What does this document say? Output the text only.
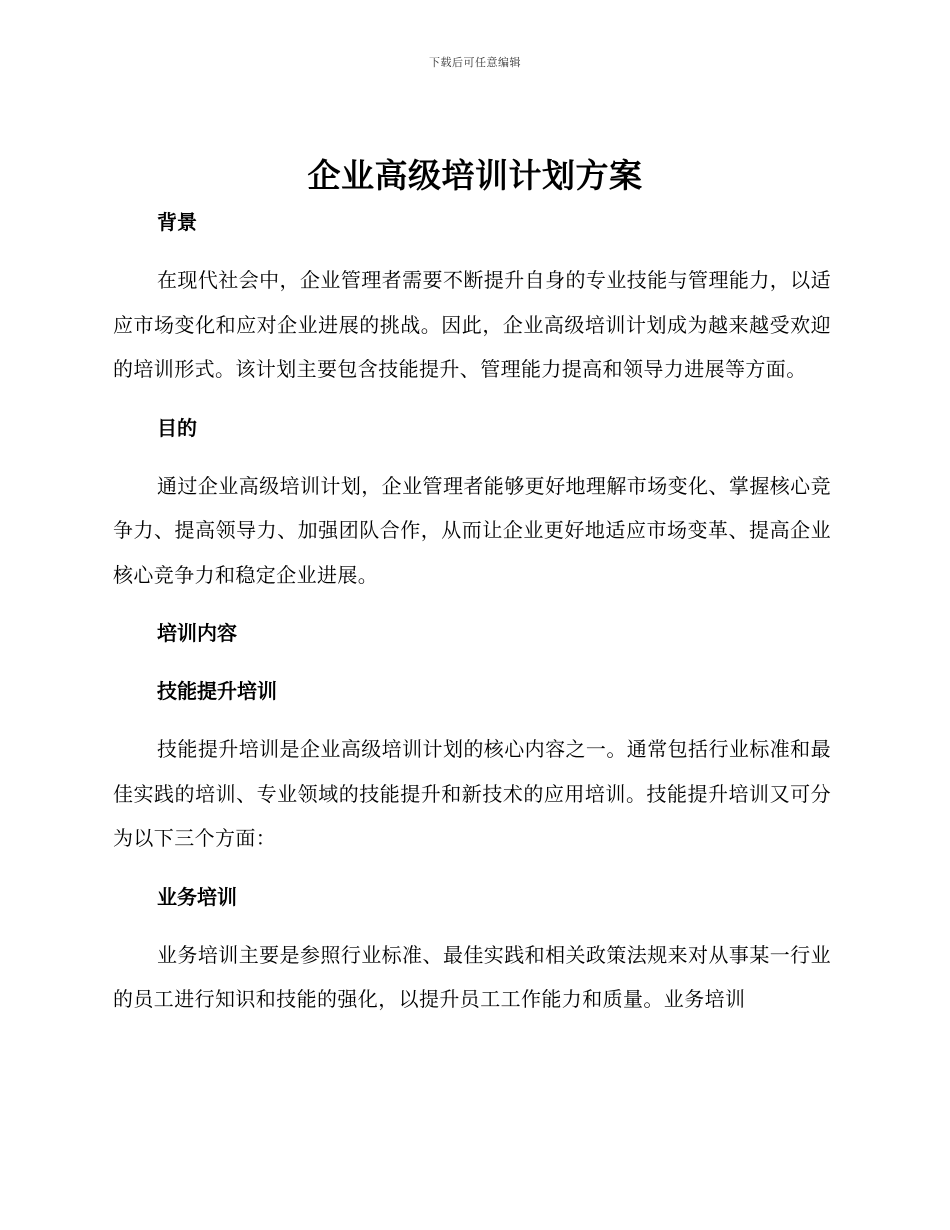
下载后可任意编辑
企业高级培训计划方案
背景

在现代社会中，企业管理者需要不断提升自身的专业技能与管理能力，以适应市场变化和应对企业进展的挑战。因此，企业高级培训计划成为越来越受欢迎的培训形式。该计划主要包含技能提升、管理能力提高和领导力进展等方面。

目的

通过企业高级培训计划，企业管理者能够更好地理解市场变化、掌握核心竞争力、提高领导力、加强团队合作，从而让企业更好地适应市场变革、提高企业核心竞争力和稳定企业进展。

培训内容
技能提升培训

技能提升培训是企业高级培训计划的核心内容之一。通常包括行业标准和最佳实践的培训、专业领域的技能提升和新技术的应用培训。技能提升培训又可分为以下三个方面：

业务培训

业务培训主要是参照行业标准、最佳实践和相关政策法规来对从事某一行业的员工进行知识和技能的强化，以提升员工工作能力和质量。业务培训
